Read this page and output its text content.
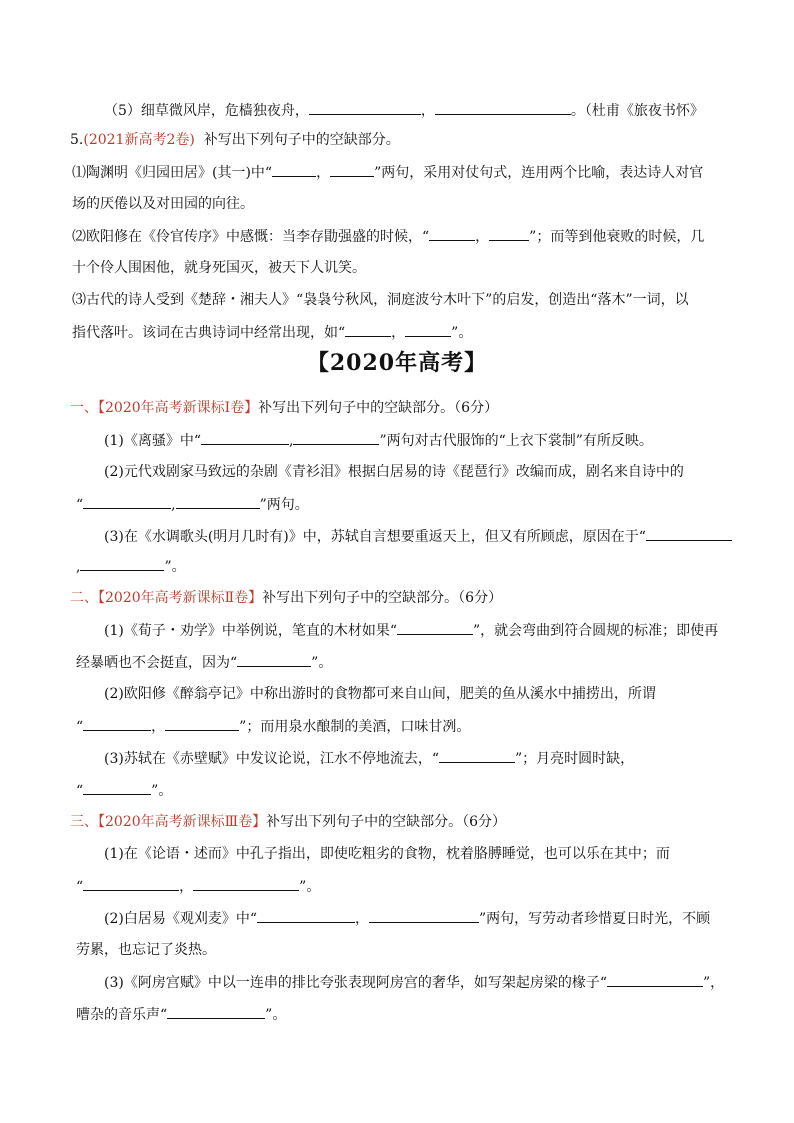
（5）细草微风岸，危樯独夜舟，	，	。（杜甫《旅夜书怀》
5.(2021新高考2卷) 补写出下列句子中的空缺部分。
⑴陶渊明《归园田居》(其一)中“	，	”两句，采用对仗句式，连用两个比喻，表达诗人对官
场的厌倦以及对田园的向往。
⑵欧阳修在《伶官传序》中感慨：当李存勖强盛的时候，“	，	”；而等到他衰败的时候，几
十个伶人围困他，就身死国灭，被天下人讥笑。
⑶古代的诗人受到《楚辞・湘夫人》“袅袅兮秋风，洞庭波兮木叶下”的启发，创造出“落木”一词，以
指代落叶。该词在古典诗词中经常出现，如“	，	”。
【2020年高考】
一、【2020年高考新课标Ⅰ卷】补写出下列句子中的空缺部分。（6分）
(1)《离骚》中“	,	”两句对古代服饰的“上衣下裳制”有所反映。
(2)元代戏剧家马致远的杂剧《青衫泪》根据白居易的诗《琵琶行》改编而成，剧名来自诗中的
“	,	”两句。
(3)在《水调歌头(明月几时有)》中，苏轼自言想要重返天上，但又有所顾虑，原因在于“
,	”。
二、【2020年高考新课标Ⅱ卷】补写出下列句子中的空缺部分。（6分）
(1)《荀子・劝学》中举例说，笔直的木材如果“	”，就会弯曲到符合圆规的标准；即使再
经暴晒也不会挺直，因为“	”。
(2)欧阳修《醉翁亭记》中称出游时的食物都可来自山间，肥美的鱼从溪水中捕捞出，所谓
“	，	”；而用泉水酿制的美酒，口味甘冽。
(3)苏轼在《赤壁赋》中发议论说，江水不停地流去，“	”；月亮时圆时缺，
“	”。
三、【2020年高考新课标Ⅲ卷】补写出下列句子中的空缺部分。（6分）
(1)在《论语・述而》中孔子指出，即使吃粗劣的食物，枕着胳膊睡觉，也可以乐在其中；而
“	，	”。
(2)白居易《观刈麦》中“	，	”两句，写劳动者珍惜夏日时光，不顾
劳累，也忘记了炎热。
(3)《阿房宫赋》中以一连串的排比夸张表现阿房宫的奢华，如写架起房梁的椽子“	”，
嘈杂的音乐声“	”。
